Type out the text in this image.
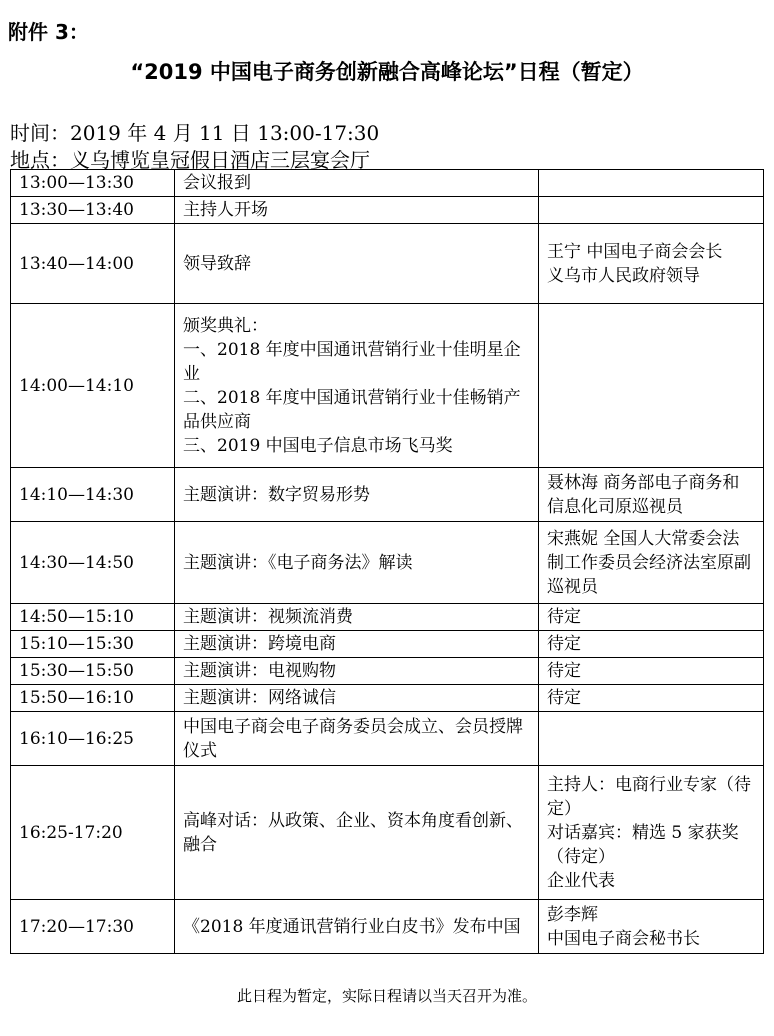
附件 3：
“2019 中国电子商务创新融合高峰论坛”日程（暂定）
时间：2019 年 4 月 11 日 13:00-17:30
地点：义乌博览皇冠假日酒店三层宴会厅
13:00—13:30	会议报到	

13:30—13:40	主持人开场	

13:40—14:00	领导致辞	王宁 中国电子商会会长
义乌市人民政府领导

14:00—14:10	颁奖典礼：
一、2018 年度中国通讯营销行业十佳明星企业
二、2018 年度中国通讯营销行业十佳畅销产品供应商
三、2019 中国电子信息市场飞马奖	

14:10—14:30	主题演讲：数字贸易形势	聂林海 商务部电子商务和信息化司原巡视员

14:30—14:50	主题演讲：《电子商务法》解读	宋燕妮 全国人大常委会法制工作委员会经济法室原副巡视员

14:50—15:10	主题演讲：视频流消费	待定

15:10—15:30	主题演讲：跨境电商	待定

15:30—15:50	主题演讲：电视购物	待定

15:50—16:10	主题演讲：网络诚信	待定

16:10—16:25	中国电子商会电子商务委员会成立、会员授牌仪式	

16:25-17:20	高峰对话：从政策、企业、资本角度看创新、融合	主持人：电商行业专家（待定）
对话嘉宾：精选 5 家获奖（待定）
企业代表

17:20—17:30	《2018 年度通讯营销行业白皮书》发布中国	彭李辉
中国电子商会秘书长
此日程为暂定，实际日程请以当天召开为准。
